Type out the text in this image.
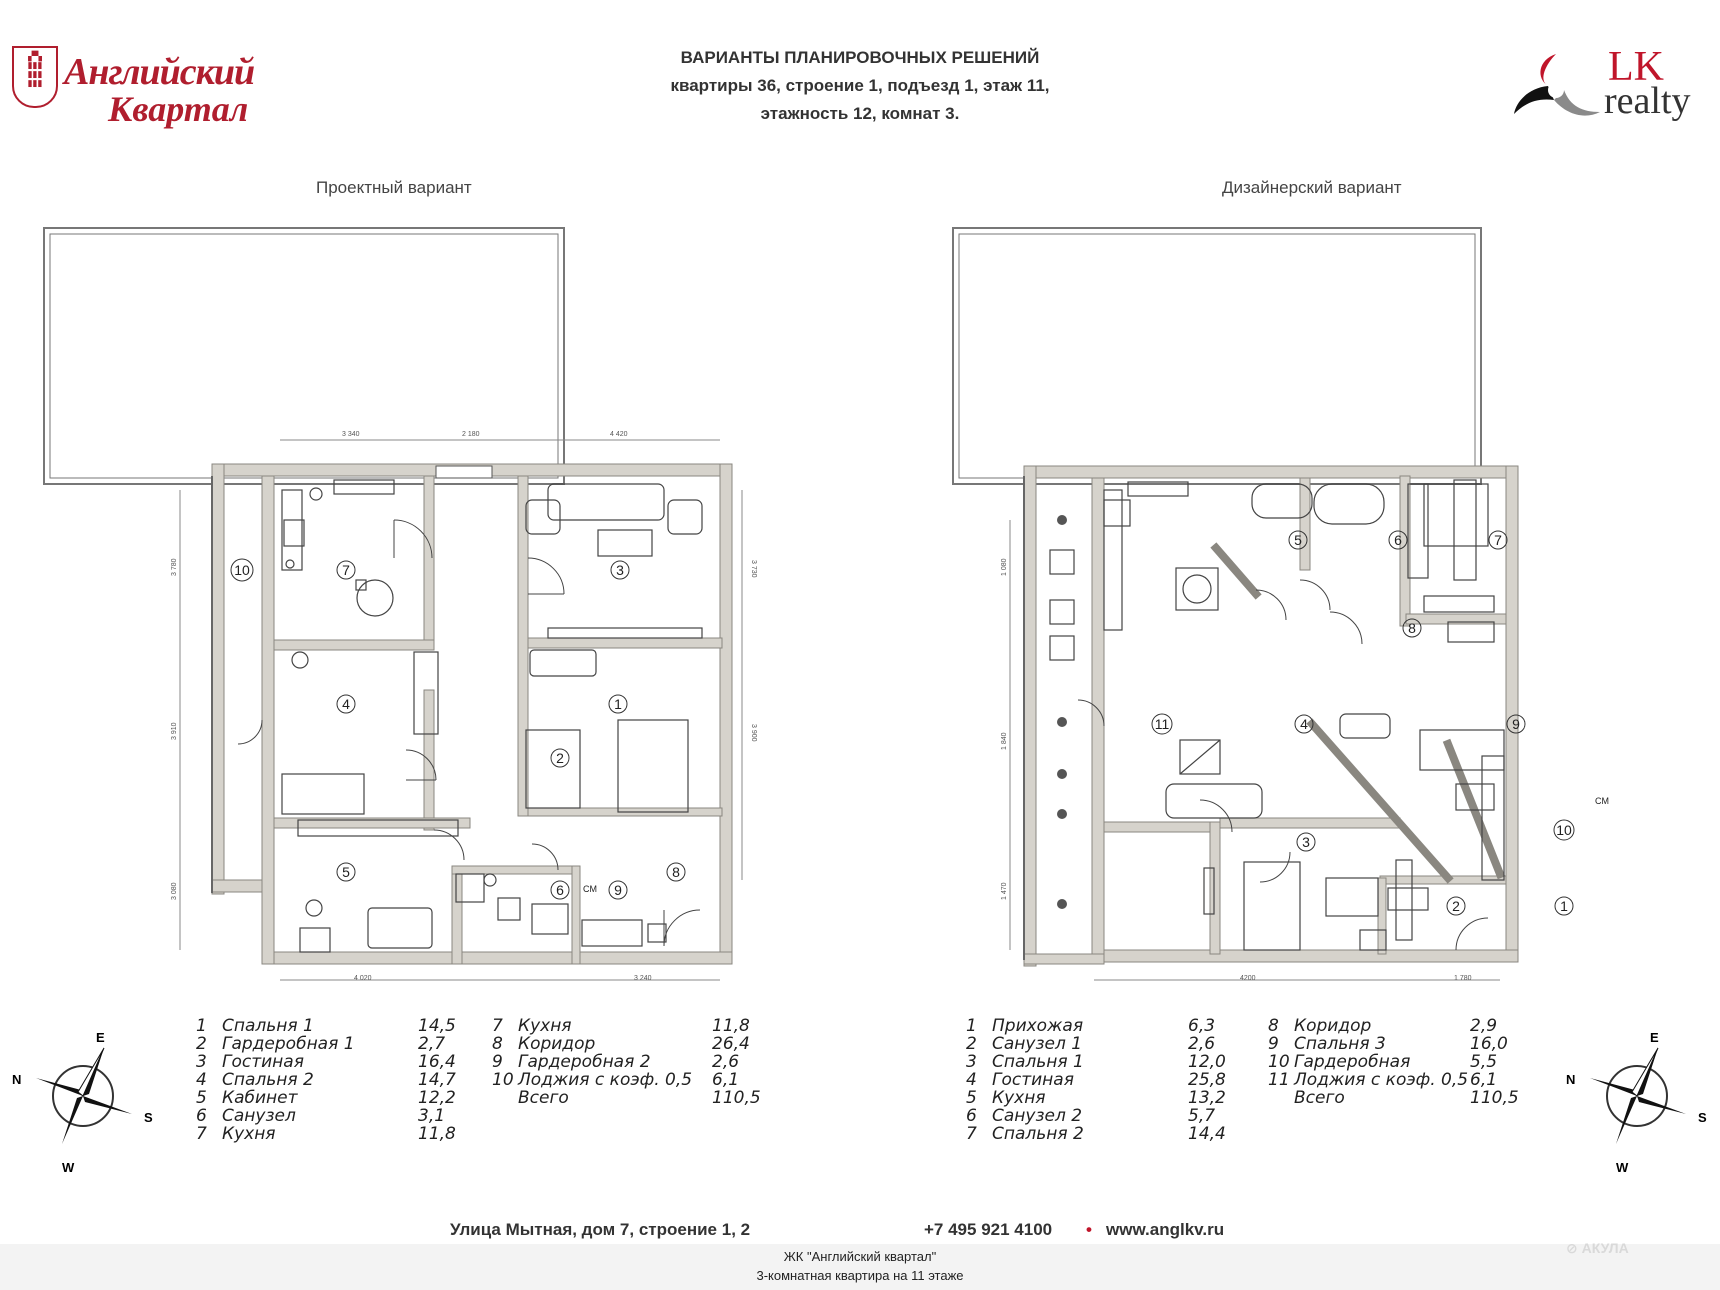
▞▚
▮▮▮
▮▮▮
▮▮▮ Английский
Квартал
ВАРИАНТЫ ПЛАНИРОВОЧНЫХ РЕШЕНИЙ
квартиры 36, строение 1, подъезд 1, этаж 11,
этажность 12, комнат 3.
LK
realty
Проектный вариант	Дизайнерский вариант
3 340	2 180	4 420
4 020	3 240
3 780
3 910
3 080
3 730
3 900
1
2
3
4
5
6
7
8
9
10
СМ
4200	1 780
1 080
1 840
1 470
1
2
3
4
5	6	7
8
9
10
11
СМ
1 Спальня 1	14,5
2 Гардеробная 1	2,7
3 Гостиная	16,4
4 Спальня 2	14,7
5 Кабинет	12,2
6 Санузел	3,1
7 Кухня	11,8
7 Кухня	11,8
8 Коридор	26,4
9 Гардеробная 2	2,6
10 Лоджия с коэф. 0,5 6,1
Всего	110,5
1 Прихожая	6,3
2 Санузел 1	2,6
3 Спальня 1	12,0
4 Гостиная	25,8
5 Кухня	13,2
6 Санузел 2	5,7
7 Спальня 2	14,4
8 Коридор	2,9
9 Спальня 3	16,0
10 Гардеробная	5,5
11 Лоджия с коэф. 0,5 6,1
Всего	110,5
E
N
S
W
E
N
S
W
Улица Мытная, дом 7, строение 1, 2	+7 495 921 4100 • www.anglkv.ru
ЖК "Английский квартал"
3-комнатная квартира на 11 этаже
⊘ АКУЛА
